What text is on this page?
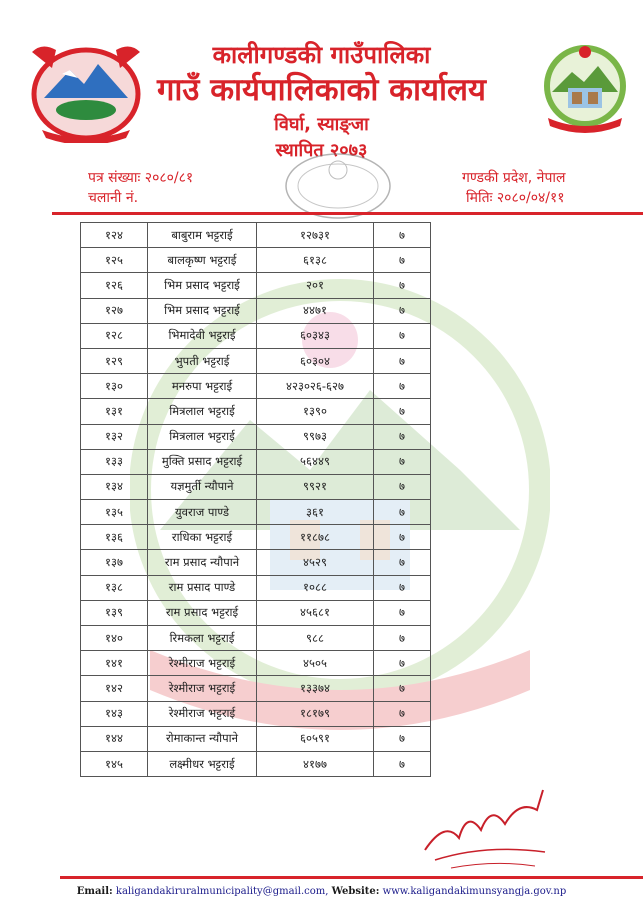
कालीगण्डकी गाउँपालिका
गाउँ कार्यपालिकाको कार्यालय
विर्घा, स्याङ्जा
स्थापित २०७३
पत्र संख्याः २०८०/८१
चलानी नं.
गण्डकी प्रदेश, नेपाल
मितिः २०८०/०४/११
१२४	बाबुराम भट्टराई	१२७३१	७
१२५	बालकृष्ण भट्टराई	६१३८	७
१२६	भिम प्रसाद भट्टराई	२०१	७
१२७	भिम प्रसाद भट्टराई	४४७१	७
१२८	भिमादेवी भट्टराई	६०३४३	७
१२९	भुपती भट्टराई	६०३०४	७
१३०	मनरुपा भट्टराई	४२३०२६-६२७	७
१३१	मित्रलाल भट्टराई	१३९०	७
१३२	मित्रलाल भट्टराई	९९७३	७
१३३	मुक्ति प्रसाद भट्टराई	५६४४९	७
१३४	यज्ञमुर्ती न्यौपाने	९९२१	७
१३५	युवराज पाण्डे	३६१	७
१३६	राधिका भट्टराई	११८७८	७
१३७	राम प्रसाद न्यौपाने	४५२९	७
१३८	राम प्रसाद पाण्डे	१०८८	७
१३९	राम प्रसाद भट्टराई	४५६८१	७
१४०	रिमकला भट्टराई	९८८	७
१४१	रेश्मीराज भट्टराई	४५०५	७
१४२	रेश्मीराज भट्टराई	१३३७४	७
१४३	रेश्मीराज भट्टराई	१८१७९	७
१४४	रोमाकान्त न्यौपाने	६०५९१	७
१४५	लक्ष्मीधर भट्टराई	४१७७	७
Email: kaligandakiruralmunicipality@gmail.com, Website: www.kaligandakimunsyangja.gov.np
